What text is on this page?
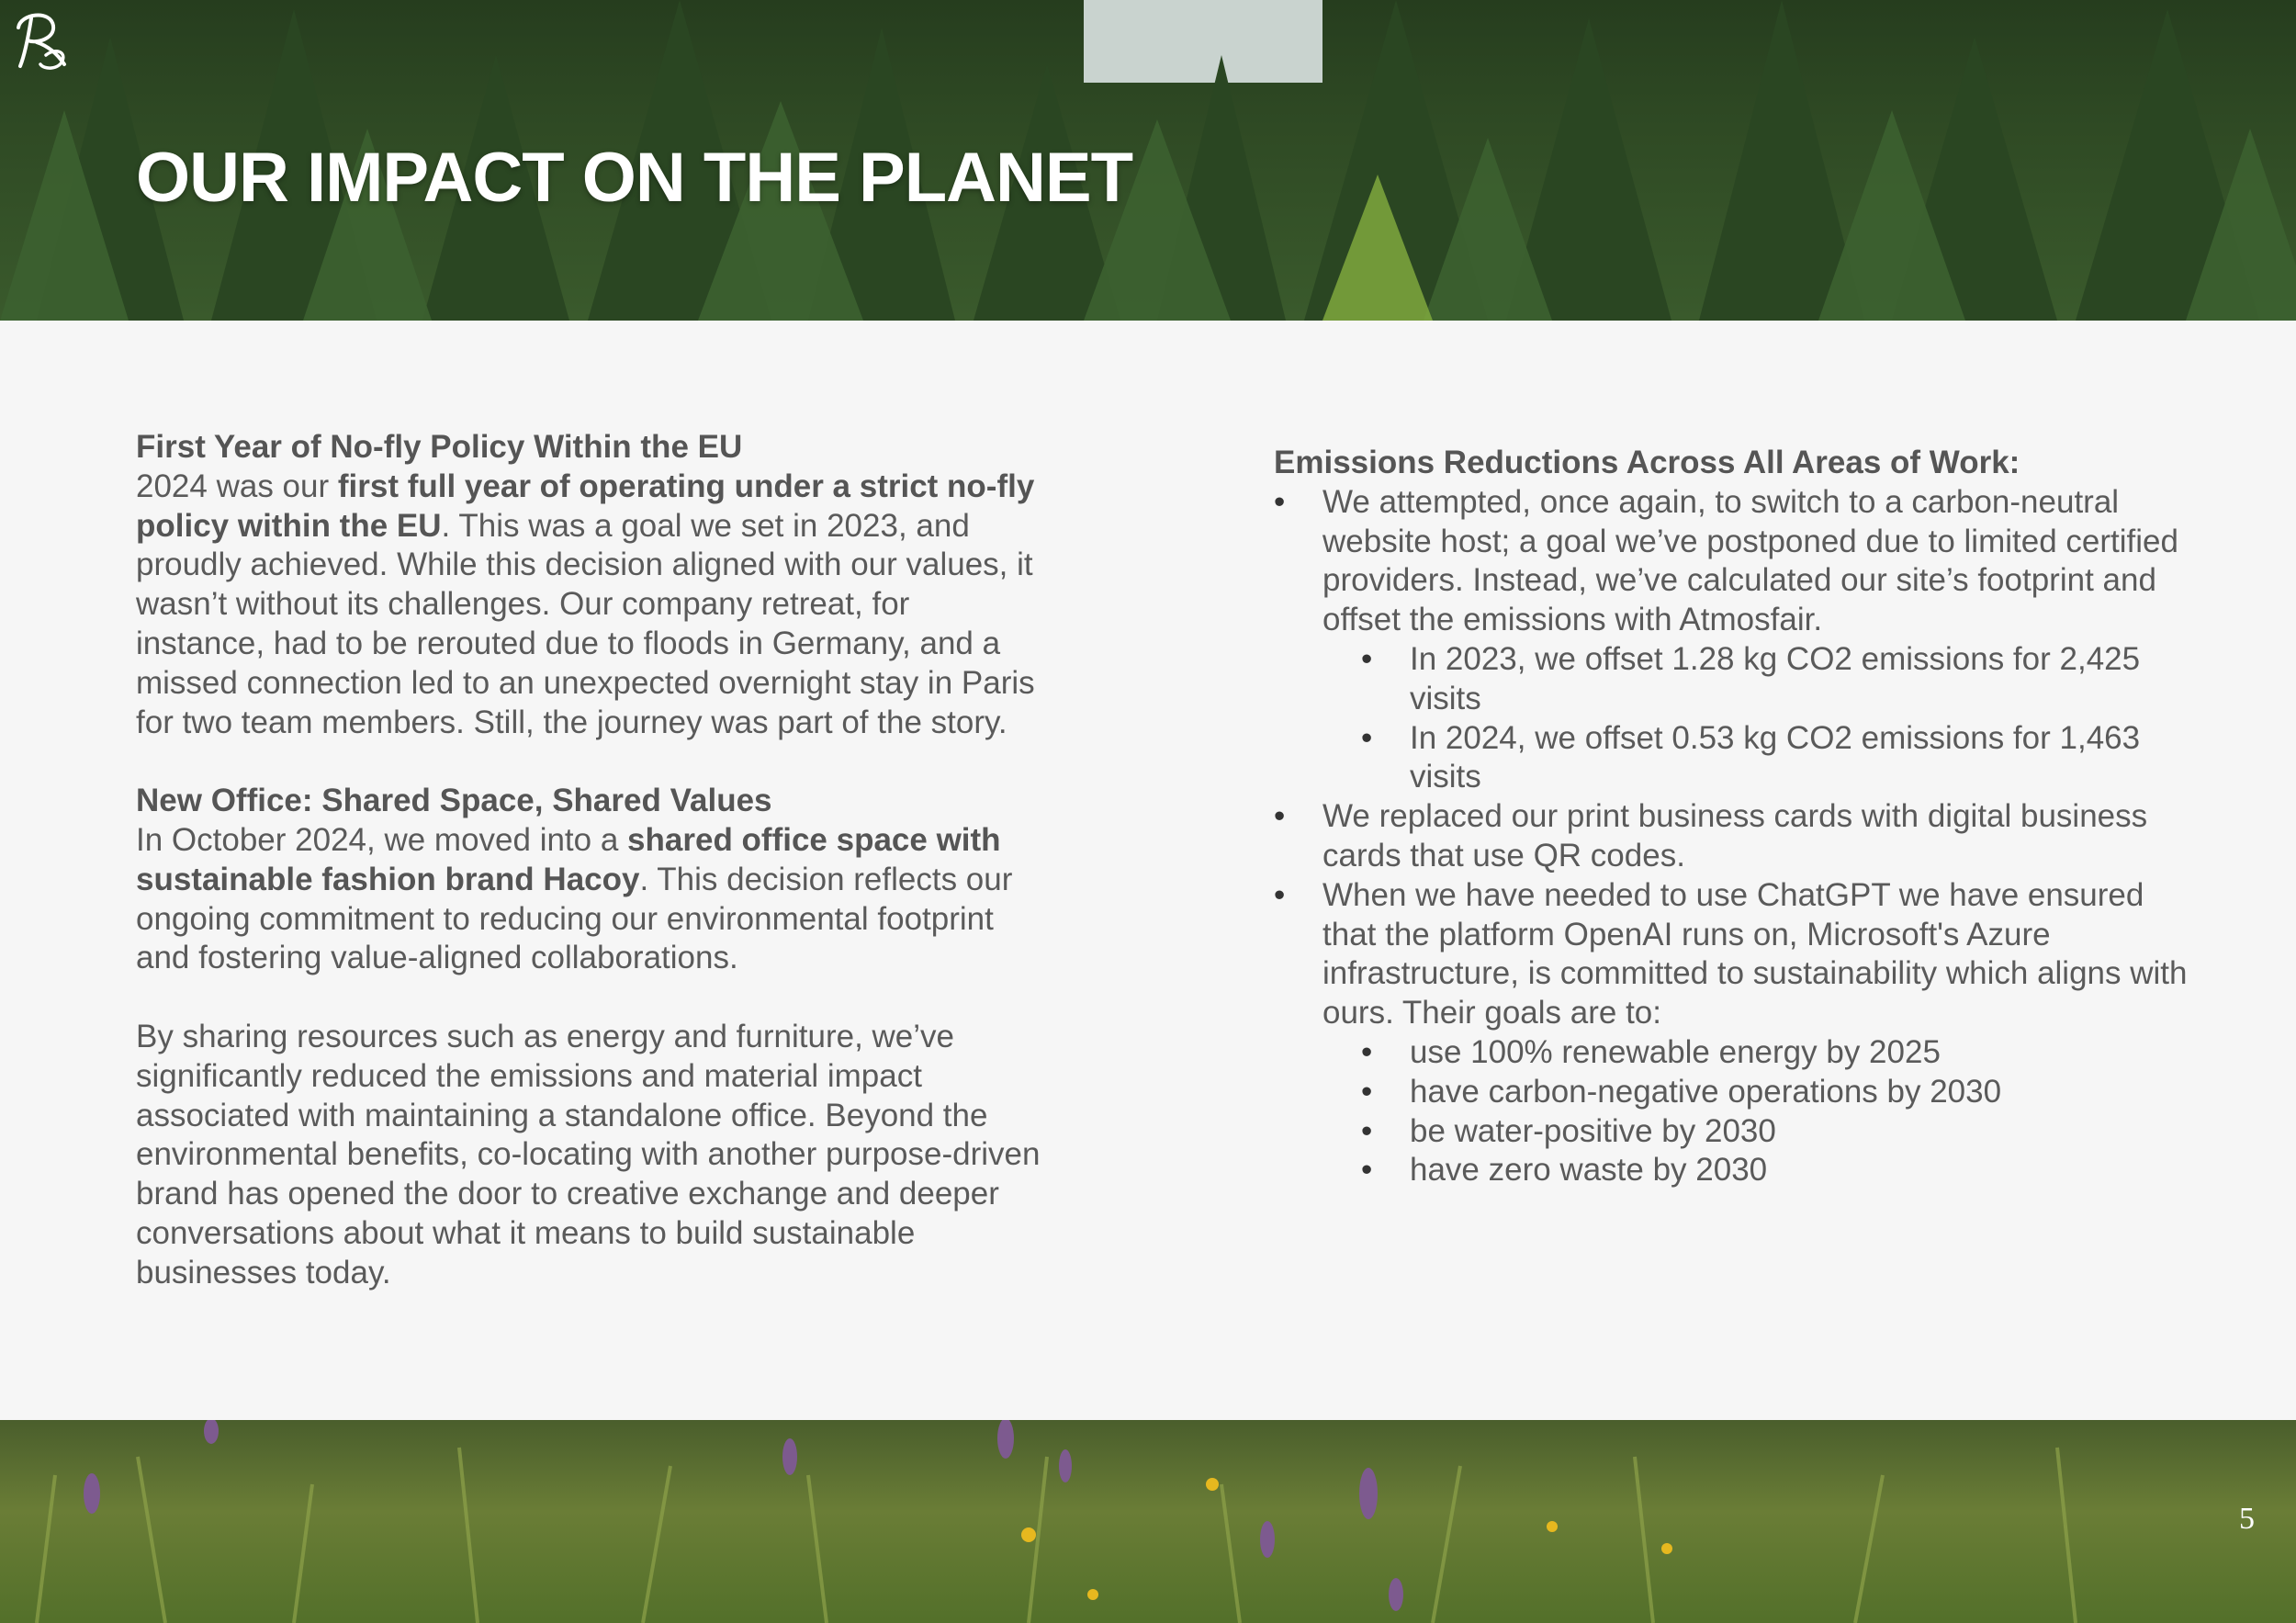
OUR IMPACT ON THE PLANET

First Year of No-fly Policy Within the EU

2024 was our first full year of operating under a strict no-fly policy within the EU. This was a goal we set in 2023, and proudly achieved. While this decision aligned with our values, it wasn’t without its challenges. Our company retreat, for instance, had to be rerouted due to floods in Germany, and a missed connection led to an unexpected overnight stay in Paris for two team members. Still, the journey was part of the story.

New Office: Shared Space, Shared Values

In October 2024, we moved into a shared office space with sustainable fashion brand Hacoy. This decision reflects our ongoing commitment to reducing our environmental footprint and fostering value-aligned collaborations.

By sharing resources such as energy and furniture, we’ve significantly reduced the emissions and material impact associated with maintaining a standalone office. Beyond the environmental benefits, co-locating with another purpose-driven brand has opened the door to creative exchange and deeper conversations about what it means to build sustainable businesses today.

Emissions Reductions Across All Areas of Work:

• We attempted, once again, to switch to a carbon-neutral website host; a goal we’ve postponed due to limited certified providers. Instead, we’ve calculated our site’s footprint and offset the emissions with Atmosfair.
• In 2023, we offset 1.28 kg CO2 emissions for 2,425 visits
• In 2024, we offset 0.53 kg CO2 emissions for 1,463 visits
• We replaced our print business cards with digital business cards that use QR codes.
• When we have needed to use ChatGPT we have ensured that the platform OpenAI runs on, Microsoft's Azure infrastructure, is committed to sustainability which aligns with ours. Their goals are to:
• use 100% renewable energy by 2025
• have carbon-negative operations by 2030
• be water-positive by 2030
• have zero waste by 2030
5
